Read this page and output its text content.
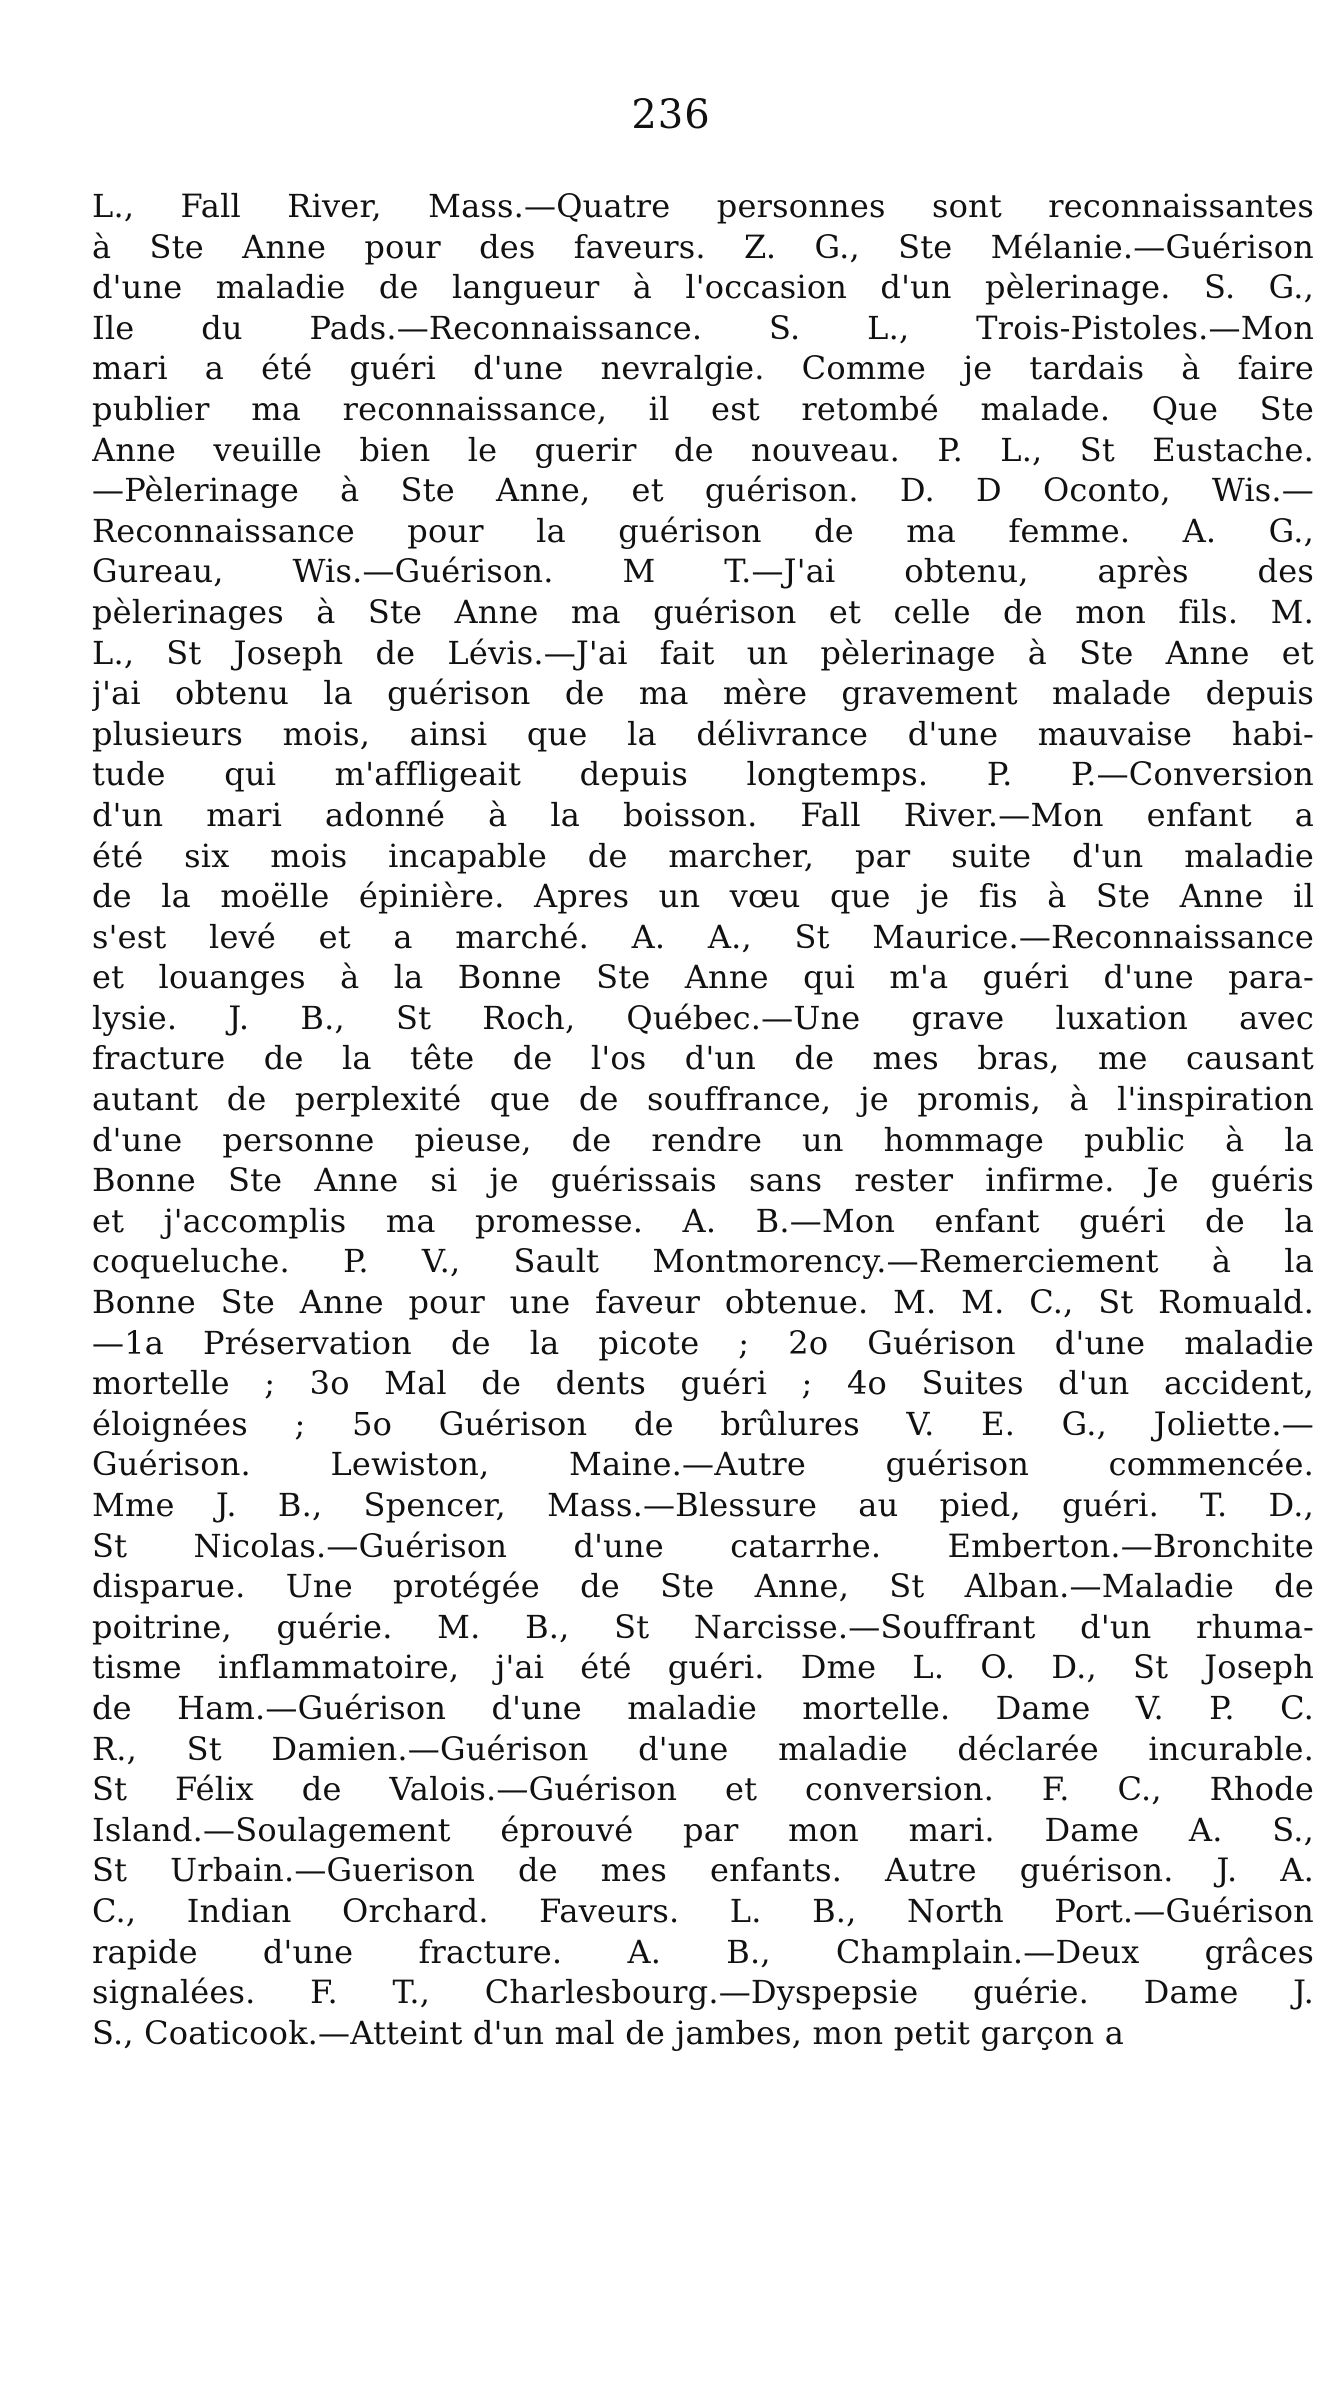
236
L., Fall River, Mass.—Quatre personnes sont reconnaissantes
à Ste Anne pour des faveurs. Z. G., Ste Mélanie.—Guérison
d'une maladie de langueur à l'occasion d'un pèlerinage. S. G.,
Ile du Pads.—Reconnaissance. S. L., Trois-Pistoles.—Mon
mari a été guéri d'une nevralgie. Comme je tardais à faire
publier ma reconnaissance, il est retombé malade. Que Ste
Anne veuille bien le guerir de nouveau. P. L., St Eustache.
—Pèlerinage à Ste Anne, et guérison. D. D Oconto, Wis.—
Reconnaissance pour la guérison de ma femme. A. G.,
Gureau, Wis.—Guérison. M T.—J'ai obtenu, après des
pèlerinages à Ste Anne ma guérison et celle de mon fils. M.
L., St Joseph de Lévis.—J'ai fait un pèlerinage à Ste Anne et
j'ai obtenu la guérison de ma mère gravement malade depuis
plusieurs mois, ainsi que la délivrance d'une mauvaise habi-
tude qui m'affligeait depuis longtemps. P. P.—Conversion
d'un mari adonné à la boisson. Fall River.—Mon enfant a
été six mois incapable de marcher, par suite d'un maladie
de la moëlle épinière. Apres un vœu que je fis à Ste Anne il
s'est levé et a marché. A. A., St Maurice.—Reconnaissance
et louanges à la Bonne Ste Anne qui m'a guéri d'une para-
lysie. J. B., St Roch, Québec.—Une grave luxation avec
fracture de la tête de l'os d'un de mes bras, me causant
autant de perplexité que de souffrance, je promis, à l'inspiration
d'une personne pieuse, de rendre un hommage public à la
Bonne Ste Anne si je guérissais sans rester infirme. Je guéris
et j'accomplis ma promesse. A. B.—Mon enfant guéri de la
coqueluche. P. V., Sault Montmorency.—Remerciement à la
Bonne Ste Anne pour une faveur obtenue. M. M. C., St Romuald.
—1a Préservation de la picote ; 2o Guérison d'une maladie
mortelle ; 3o Mal de dents guéri ; 4o Suites d'un accident,
éloignées ; 5o Guérison de brûlures V. E. G., Joliette.—
Guérison. Lewiston, Maine.—Autre guérison commencée.
Mme J. B., Spencer, Mass.—Blessure au pied, guéri. T. D.,
St Nicolas.—Guérison d'une catarrhe. Emberton.—Bronchite
disparue. Une protégée de Ste Anne, St Alban.—Maladie de
poitrine, guérie. M. B., St Narcisse.—Souffrant d'un rhuma-
tisme inflammatoire, j'ai été guéri. Dme L. O. D., St Joseph
de Ham.—Guérison d'une maladie mortelle. Dame V. P. C.
R., St Damien.—Guérison d'une maladie déclarée incurable.
St Félix de Valois.—Guérison et conversion. F. C., Rhode
Island.—Soulagement éprouvé par mon mari. Dame A. S.,
St Urbain.—Guerison de mes enfants. Autre guérison. J. A.
C., Indian Orchard. Faveurs. L. B., North Port.—Guérison
rapide d'une fracture. A. B., Champlain.—Deux grâces
signalées. F. T., Charlesbourg.—Dyspepsie guérie. Dame J.
S., Coaticook.—Atteint d'un mal de jambes, mon petit garçon a
